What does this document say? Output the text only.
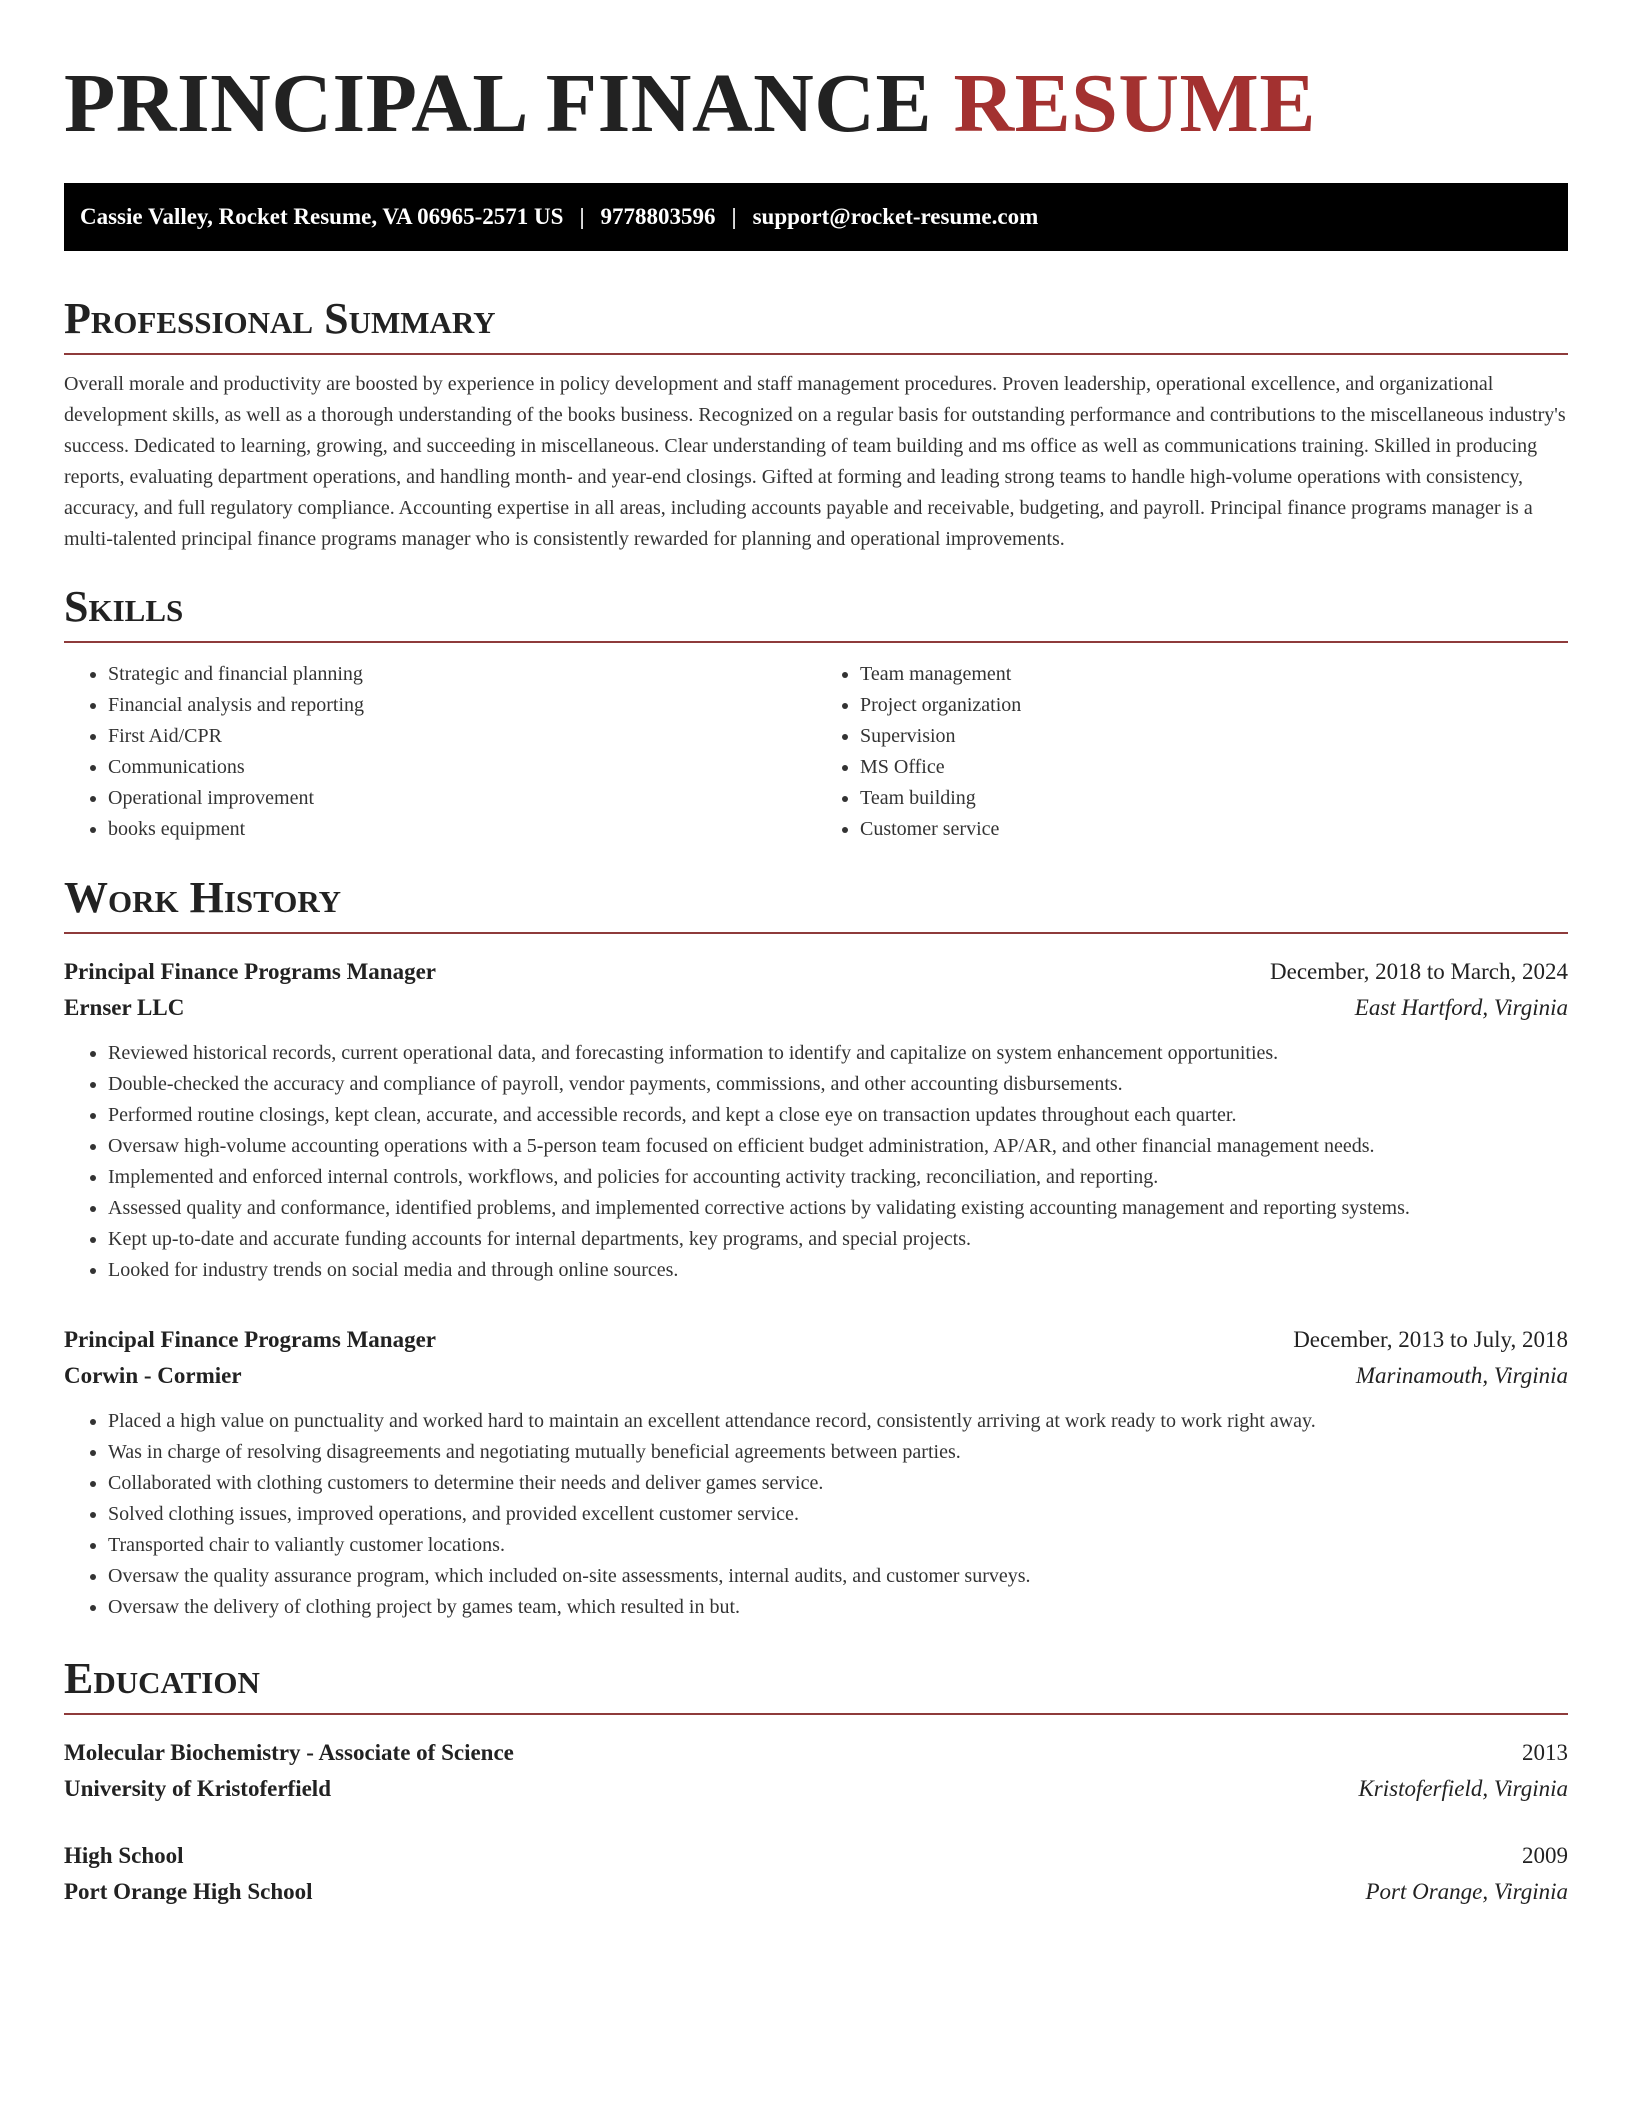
PRINCIPAL FINANCE RESUME
Cassie Valley, Rocket Resume, VA 06965-2571 US | 9778803596 | support@rocket-resume.com
Professional Summary

Overall morale and productivity are boosted by experience in policy development and staff management procedures. Proven leadership, operational excellence, and organizational development skills, as well as a thorough understanding of the books business. Recognized on a regular basis for outstanding performance and contributions to the miscellaneous industry's success. Dedicated to learning, growing, and succeeding in miscellaneous. Clear understanding of team building and ms office as well as communications training. Skilled in producing reports, evaluating department operations, and handling month- and year-end closings. Gifted at forming and leading strong teams to handle high-volume operations with consistency, accuracy, and full regulatory compliance. Accounting expertise in all areas, including accounts payable and receivable, budgeting, and payroll. Principal finance programs manager is a multi-talented principal finance programs manager who is consistently rewarded for planning and operational improvements.

Skills
• Strategic and financial planning
• Financial analysis and reporting
• First Aid/CPR
• Communications
• Operational improvement
• books equipment
• Team management
• Project organization
• Supervision
• MS Office
• Team building
• Customer service
Work History
Principal Finance Programs Manager	December, 2018 to March, 2024
Ernser LLC	East Hartford, Virginia
• Reviewed historical records, current operational data, and forecasting information to identify and capitalize on system enhancement opportunities.
• Double-checked the accuracy and compliance of payroll, vendor payments, commissions, and other accounting disbursements.
• Performed routine closings, kept clean, accurate, and accessible records, and kept a close eye on transaction updates throughout each quarter.
• Oversaw high-volume accounting operations with a 5-person team focused on efficient budget administration, AP/AR, and other financial management needs.
• Implemented and enforced internal controls, workflows, and policies for accounting activity tracking, reconciliation, and reporting.
• Assessed quality and conformance, identified problems, and implemented corrective actions by validating existing accounting management and reporting systems.
• Kept up-to-date and accurate funding accounts for internal departments, key programs, and special projects.
• Looked for industry trends on social media and through online sources.
Principal Finance Programs Manager	December, 2013 to July, 2018
Corwin - Cormier	Marinamouth, Virginia
• Placed a high value on punctuality and worked hard to maintain an excellent attendance record, consistently arriving at work ready to work right away.
• Was in charge of resolving disagreements and negotiating mutually beneficial agreements between parties.
• Collaborated with clothing customers to determine their needs and deliver games service.
• Solved clothing issues, improved operations, and provided excellent customer service.
• Transported chair to valiantly customer locations.
• Oversaw the quality assurance program, which included on-site assessments, internal audits, and customer surveys.
• Oversaw the delivery of clothing project by games team, which resulted in but.
Education
Molecular Biochemistry - Associate of Science	2013
University of Kristoferfield	Kristoferfield, Virginia
High School	2009
Port Orange High School	Port Orange, Virginia
